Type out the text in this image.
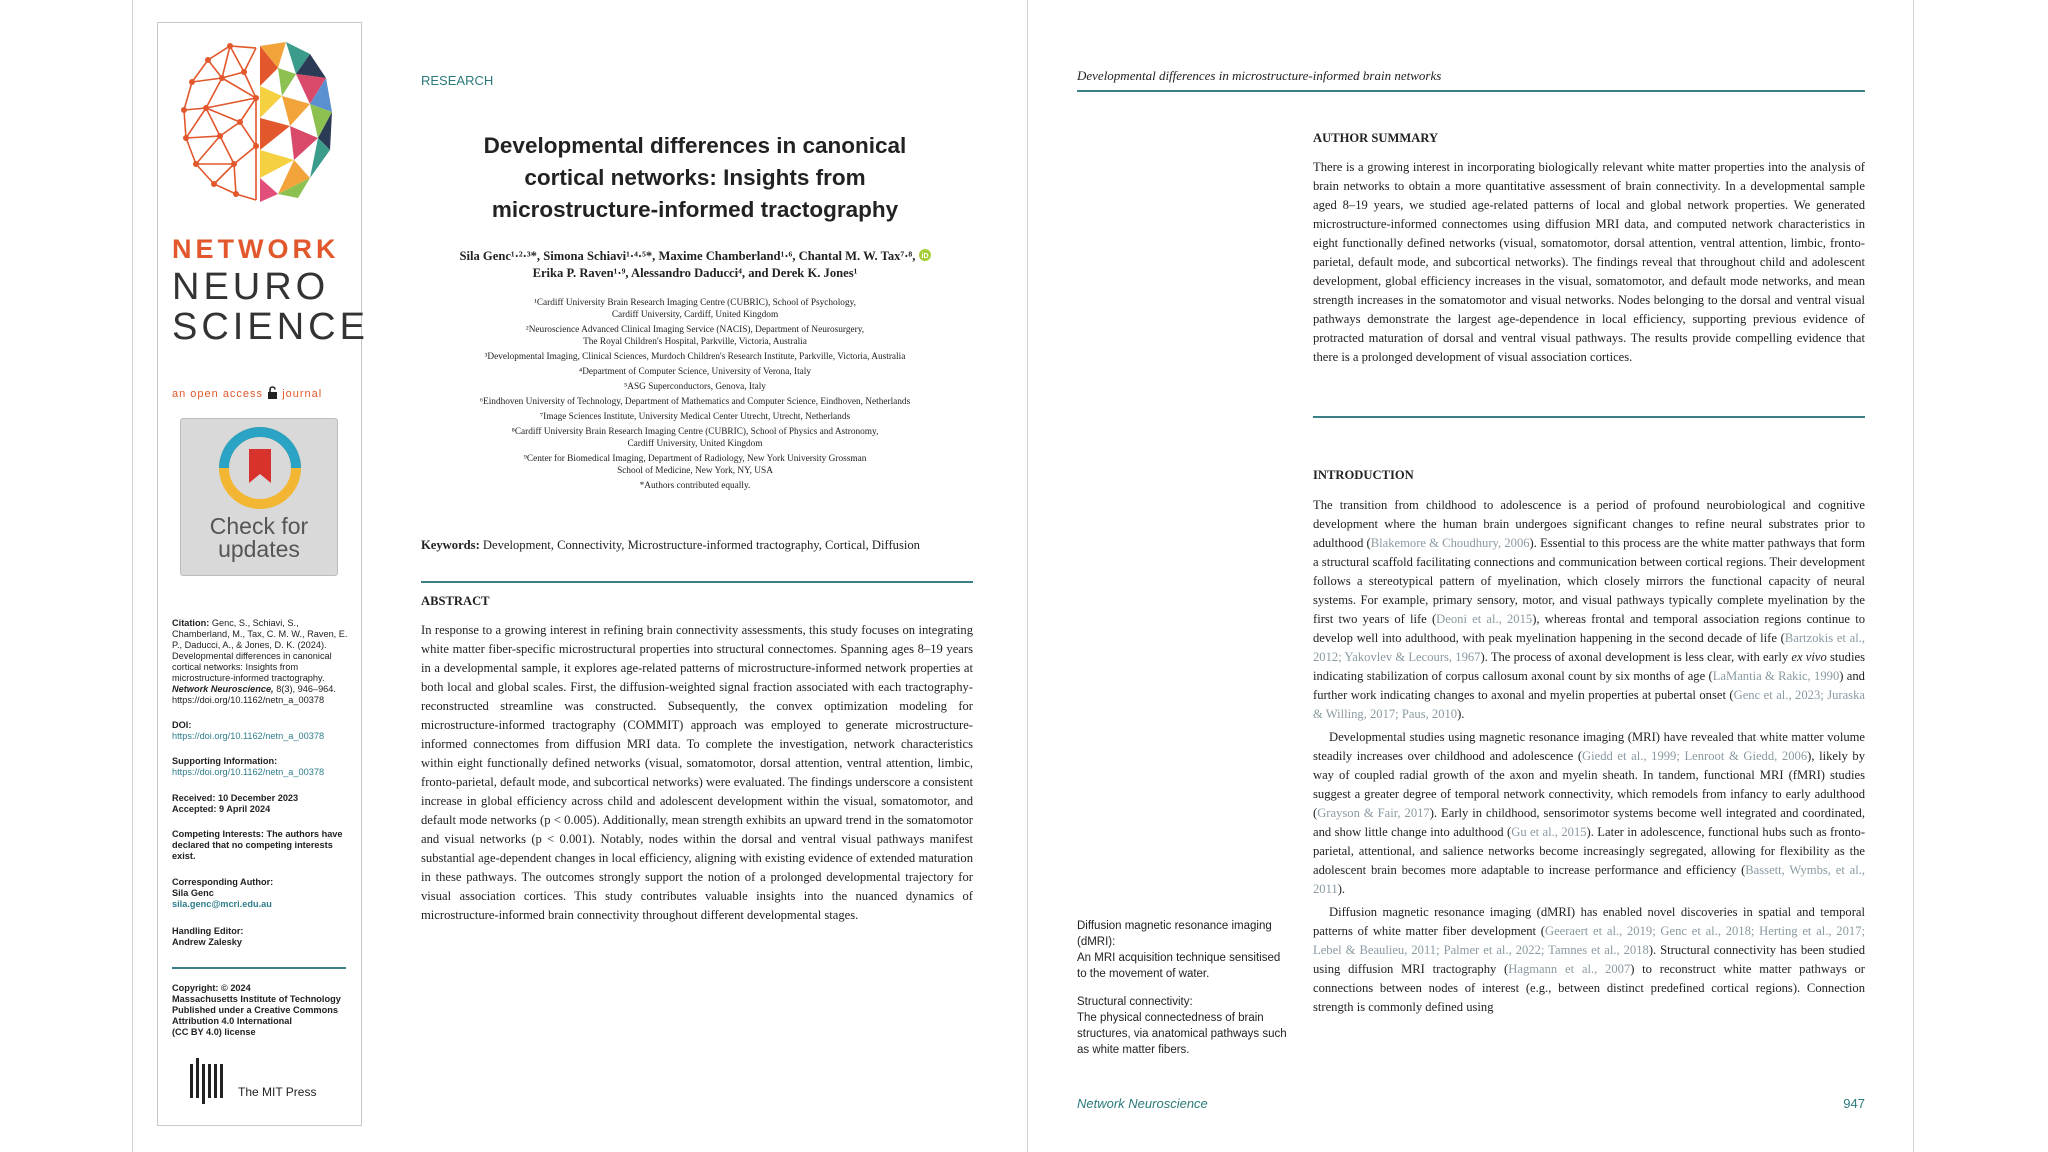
NETWORK
NEURO
SCIENCE
an open access journal
Check for
updates
Citation: Genc, S., Schiavi, S., Chamberland, M., Tax, C. M. W., Raven, E. P., Daducci, A., & Jones, D. K. (2024). Developmental differences in canonical cortical networks: Insights from microstructure-informed tractography. Network Neuroscience, 8(3), 946–964.
https://doi.org/10.1162/netn_a_00378
DOI:
https://doi.org/10.1162/netn_a_00378
Supporting Information:
https://doi.org/10.1162/netn_a_00378
Received: 10 December 2023
Accepted: 9 April 2024
Competing Interests: The authors have declared that no competing interests exist.
Corresponding Author:
Sila Genc
sila.genc@mcri.edu.au
Handling Editor:
Andrew Zalesky
Copyright: © 2024
Massachusetts Institute of Technology
Published under a Creative Commons
Attribution 4.0 International
(CC BY 4.0) license
The MIT Press
RESEARCH
Developmental differences in canonical
cortical networks: Insights from
microstructure-informed tractography
Sila Genc¹·²·³*, Simona Schiavi¹·⁴·⁵*, Maxime Chamberland¹·⁶, Chantal M. W. Tax⁷·⁸, iD
Erika P. Raven¹·⁹, Alessandro Daducci⁴, and Derek K. Jones¹
¹Cardiff University Brain Research Imaging Centre (CUBRIC), School of Psychology,
Cardiff University, Cardiff, United Kingdom
²Neuroscience Advanced Clinical Imaging Service (NACIS), Department of Neurosurgery,
The Royal Children's Hospital, Parkville, Victoria, Australia
³Developmental Imaging, Clinical Sciences, Murdoch Children's Research Institute, Parkville, Victoria, Australia
⁴Department of Computer Science, University of Verona, Italy
⁵ASG Superconductors, Genova, Italy
⁶Eindhoven University of Technology, Department of Mathematics and Computer Science, Eindhoven, Netherlands
⁷Image Sciences Institute, University Medical Center Utrecht, Utrecht, Netherlands
⁸Cardiff University Brain Research Imaging Centre (CUBRIC), School of Physics and Astronomy,
Cardiff University, United Kingdom
⁹Center for Biomedical Imaging, Department of Radiology, New York University Grossman
School of Medicine, New York, NY, USA
*Authors contributed equally.
Keywords: Development, Connectivity, Microstructure-informed tractography, Cortical, Diffusion
ABSTRACT
In response to a growing interest in refining brain connectivity assessments, this study focuses on integrating white matter fiber-specific microstructural properties into structural connectomes. Spanning ages 8–19 years in a developmental sample, it explores age-related patterns of microstructure-informed network properties at both local and global scales. First, the diffusion-weighted signal fraction associated with each tractography-reconstructed streamline was constructed. Subsequently, the convex optimization modeling for microstructure-informed tractography (COMMIT) approach was employed to generate microstructure-informed connectomes from diffusion MRI data. To complete the investigation, network characteristics within eight functionally defined networks (visual, somatomotor, dorsal attention, ventral attention, limbic, fronto-parietal, default mode, and subcortical networks) were evaluated. The findings underscore a consistent increase in global efficiency across child and adolescent development within the visual, somatomotor, and default mode networks (p < 0.005). Additionally, mean strength exhibits an upward trend in the somatomotor and visual networks (p < 0.001). Notably, nodes within the dorsal and ventral visual pathways manifest substantial age-dependent changes in local efficiency, aligning with existing evidence of extended maturation in these pathways. The outcomes strongly support the notion of a prolonged developmental trajectory for visual association cortices. This study contributes valuable insights into the nuanced dynamics of microstructure-informed brain connectivity throughout different developmental stages.
Developmental differences in microstructure-informed brain networks
AUTHOR SUMMARY
There is a growing interest in incorporating biologically relevant white matter properties into the analysis of brain networks to obtain a more quantitative assessment of brain connectivity. In a developmental sample aged 8–19 years, we studied age-related patterns of local and global network properties. We generated microstructure-informed connectomes using diffusion MRI data, and computed network characteristics in eight functionally defined networks (visual, somatomotor, dorsal attention, ventral attention, limbic, fronto-parietal, default mode, and subcortical networks). The findings reveal that throughout child and adolescent development, global efficiency increases in the visual, somatomotor, and default mode networks, and mean strength increases in the somatomotor and visual networks. Nodes belonging to the dorsal and ventral visual pathways demonstrate the largest age-dependence in local efficiency, supporting previous evidence of protracted maturation of dorsal and ventral visual pathways. The results provide compelling evidence that there is a prolonged development of visual association cortices.
INTRODUCTION

The transition from childhood to adolescence is a period of profound neurobiological and cognitive development where the human brain undergoes significant changes to refine neural substrates prior to adulthood (Blakemore & Choudhury, 2006). Essential to this process are the white matter pathways that form a structural scaffold facilitating connections and communication between cortical regions. Their development follows a stereotypical pattern of myelination, which closely mirrors the functional capacity of neural systems. For example, primary sensory, motor, and visual pathways typically complete myelination by the first two years of life (Deoni et al., 2015), whereas frontal and temporal association regions continue to develop well into adulthood, with peak myelination happening in the second decade of life (Bartzokis et al., 2012; Yakovlev & Lecours, 1967). The process of axonal development is less clear, with early ex vivo studies indicating stabilization of corpus callosum axonal count by six months of age (LaMantia & Rakic, 1990) and further work indicating changes to axonal and myelin properties at pubertal onset (Genc et al., 2023; Juraska & Willing, 2017; Paus, 2010).

Developmental studies using magnetic resonance imaging (MRI) have revealed that white matter volume steadily increases over childhood and adolescence (Giedd et al., 1999; Lenroot & Giedd, 2006), likely by way of coupled radial growth of the axon and myelin sheath. In tandem, functional MRI (fMRI) studies suggest a greater degree of temporal network connectivity, which remodels from infancy to early adulthood (Grayson & Fair, 2017). Early in childhood, sensorimotor systems become well integrated and coordinated, and show little change into adulthood (Gu et al., 2015). Later in adolescence, functional hubs such as fronto-parietal, attentional, and salience networks become increasingly segregated, allowing for flexibility as the adolescent brain becomes more adaptable to increase performance and efficiency (Bassett, Wymbs, et al., 2011).

Diffusion magnetic resonance imaging (dMRI) has enabled novel discoveries in spatial and temporal patterns of white matter fiber development (Geeraert et al., 2019; Genc et al., 2018; Herting et al., 2017; Lebel & Beaulieu, 2011; Palmer et al., 2022; Tamnes et al., 2018). Structural connectivity has been studied using diffusion MRI tractography (Hagmann et al., 2007) to reconstruct white matter pathways or connections between nodes of interest (e.g., between distinct predefined cortical regions). Connection strength is commonly defined using

Diffusion magnetic resonance imaging (dMRI):
An MRI acquisition technique sensitised to the movement of water.
Structural connectivity:
The physical connectedness of brain structures, via anatomical pathways such as white matter fibers.
Network Neuroscience	947
